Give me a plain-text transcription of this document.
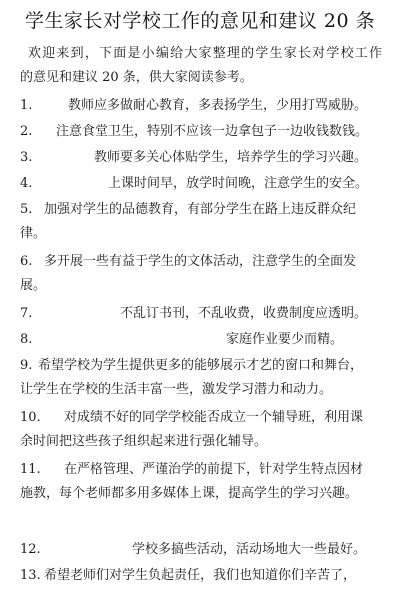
学生家长对学校工作的意见和建议 20 条
欢迎来到，下面是小编给大家整理的学生家长对学校工作
的意见和建议 20 条，供大家阅读参考。
1.	教师应多做耐心教育，多表扬学生，少用打骂威胁。
2. 注意食堂卫生，特别不应该一边拿包子一边收钱数钱。
3.	教师要多关心体贴学生，培养学生的学习兴趣。
4.	上课时间早，放学时间晚，注意学生的安全。
5. 加强对学生的品德教育，有部分学生在路上违反群众纪
律。
6. 多开展一些有益于学生的文体活动，注意学生的全面发
展。
7.	不乱订书刊，不乱收费，收费制度应透明。
8.	家庭作业要少而精。
9. 希望学校为学生提供更多的能够展示才艺的窗口和舞台，
让学生在学校的生活丰富一些，激发学习潜力和动力。
10. 对成绩不好的同学学校能否成立一个辅导班，利用课
余时间把这些孩子组织起来进行强化辅导。
11. 在严格管理、严谨治学的前提下，针对学生特点因材
施教，每个老师都多用多媒体上课，提高学生的学习兴趣。
12.	学校多搞些活动，活动场地大一些最好。
13. 希望老师们对学生负起责任，我们也知道你们辛苦了，
